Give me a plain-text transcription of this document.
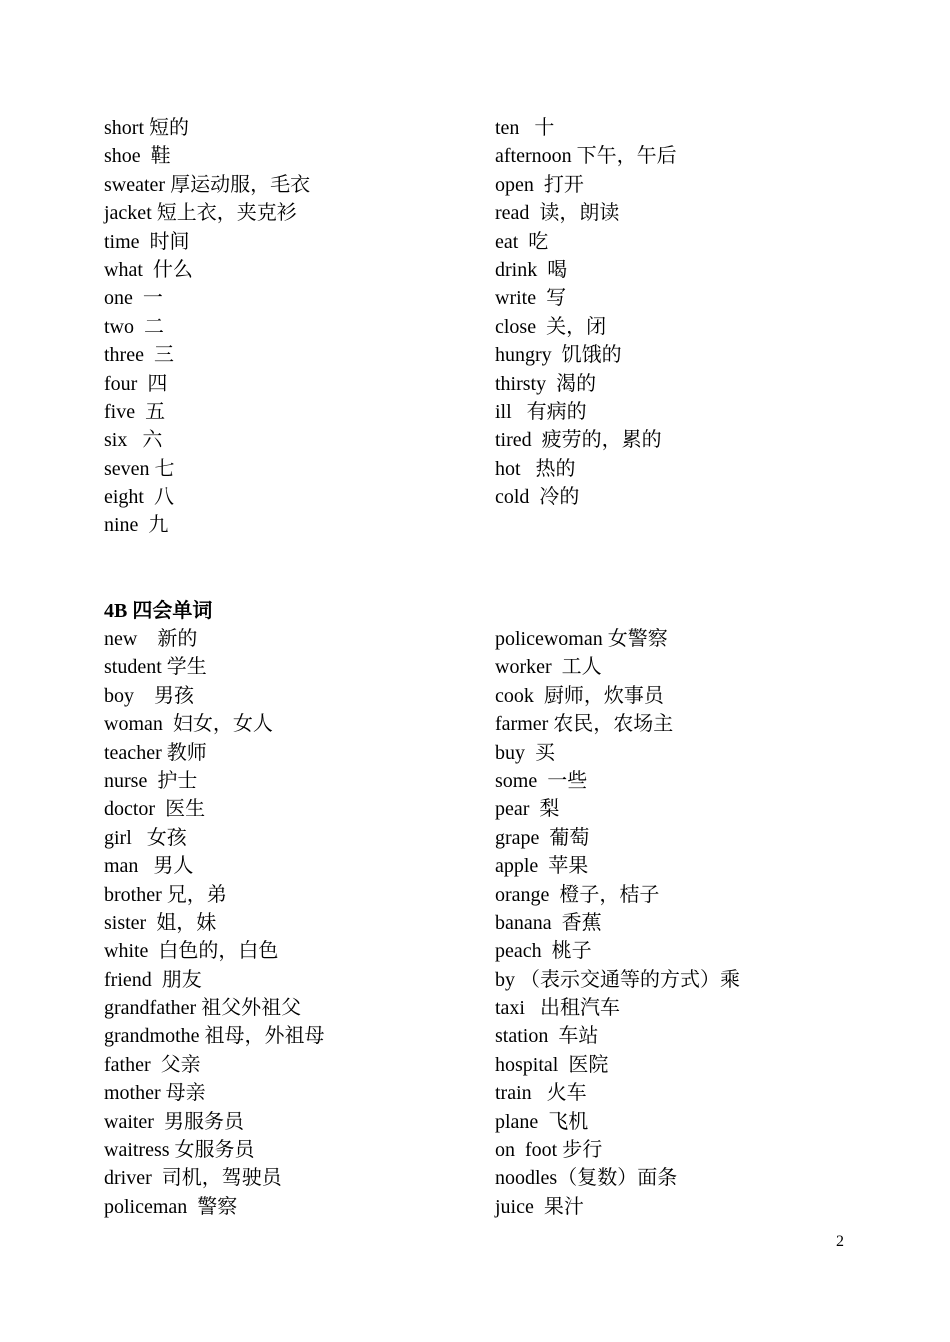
short 短的
shoe  鞋
sweater 厚运动服，毛衣
jacket 短上衣，夹克衫
time  时间
what  什么
one  一
two  二
three  三
four  四
five  五
six   六
seven 七
eight  八
nine  九
ten   十
afternoon 下午，午后
open  打开
read  读，朗读
eat  吃
drink  喝
write  写
close  关，闭
hungry  饥饿的
thirsty  渴的
ill   有病的
tired  疲劳的，累的
hot   热的
cold  冷的
4B 四会单词
new    新的
student 学生
boy    男孩
woman  妇女，女人
teacher 教师
nurse  护士
doctor  医生
girl   女孩
man   男人
brother 兄，弟
sister  姐，妹
white  白色的，白色
friend  朋友
grandfather 祖父外祖父
grandmothe 祖母，外祖母
father  父亲
mother 母亲
waiter  男服务员
waitress 女服务员
driver  司机，驾驶员
policeman  警察
policewoman 女警察
worker  工人
cook  厨师，炊事员
farmer 农民，农场主
buy  买
some  一些
pear  梨
grape  葡萄
apple  苹果
orange  橙子，桔子
banana  香蕉
peach  桃子
by （表示交通等的方式）乘
taxi   出租汽车
station  车站
hospital  医院
train   火车
plane  飞机
on  foot 步行
noodles（复数）面条
juice  果汁
2
